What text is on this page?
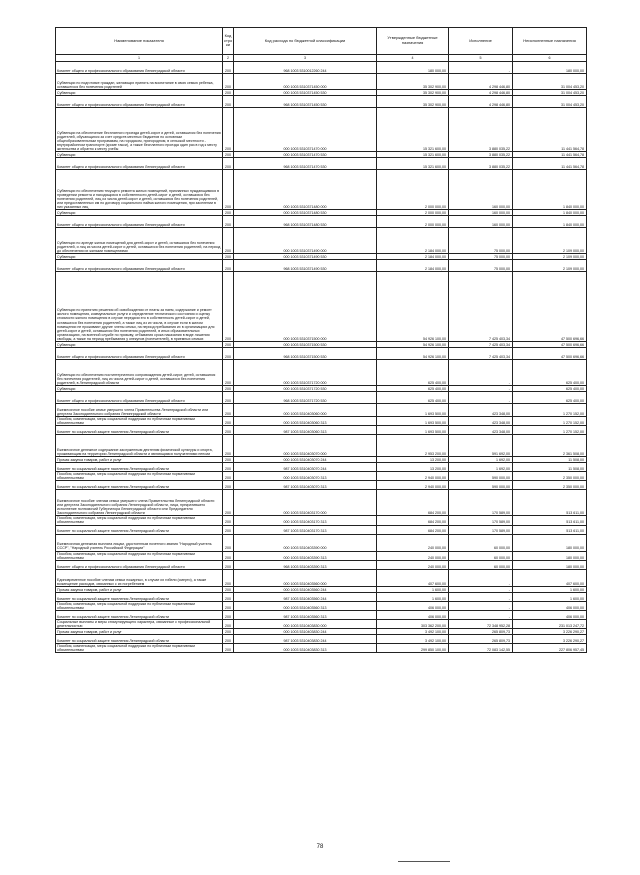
Наименование показателя	Код стро ки	Код расхода по бюджетной классификации	Утвержденные бюджетные назначения	Исполнение	Неисполненные назначения
1	2	3	4	5	6
Комитет общего и профессионального образования Ленинградской области	200	968 1003 5310012260 244	180 000,00	-	180 000,00
Субвенции по подготовке граждан, желающих принять на воспитание в свою семью ребенка, оставшегося без попечения родителей	200	000 1003 5310371450 000	35 302 900,00	4 298 446,80	31 004 453,20
Субвенции	200	000 1003 5310371450 530	35 302 900,00	4 298 446,80	31 004 453,20
Комитет общего и профессионального образования Ленинградской области	200	968 1003 5310371450 530	35 302 900,00	4 298 446,80	31 004 453,20
Субвенции на обеспечение бесплатного проезда детей-сирот и детей, оставшихся без попечения родителей, обучающихся за счет средств местных бюджетов по основным общеобразовательным программам, на городском, пригородном, в сельской местности - внутрирайонном транспорте (кроме такси), а также бесплатного проезда один раз в год к месту жительства и обратно к месту учебы	200	000 1003 5310371470 000	15 321 600,00	3 880 035,22	11 441 564,78
Субвенции	200	000 1003 5310371470 530	15 321 600,00	3 880 035,22	11 441 564,78
Комитет общего и профессионального образования Ленинградской области	200	968 1003 5310371470 530	15 321 600,00	3 880 035,22	11 441 564,78
Субвенции по обеспечению текущего ремонта жилых помещений, признанных нуждающимися в проведении ремонта и находящихся в собственности детей-сирот и детей, оставшихся без попечения родителей, лиц из числа детей-сирот и детей, оставшихся без попечения родителей, или предоставленных им по договору социального найма жилого помещения, при заселении в них указанных лиц	200	000 1003 5310371480 000	2 000 000,00	160 000,00	1 840 000,00
Субвенции	200	000 1003 5310371480 530	2 000 000,00	160 000,00	1 840 000,00
Комитет общего и профессионального образования Ленинградской области	200	968 1003 5310371480 530	2 000 000,00	160 000,00	1 840 000,00
Субвенции по аренде жилых помещений для детей-сирот и детей, оставшихся без попечения родителей, и лиц из числа детей-сирот и детей, оставшихся без попечения родителей, на период до обеспечения их жилыми помещениями	200	000 1003 5310371490 000	2 184 000,00	75 000,00	2 109 000,00
Субвенции	200	000 1003 5310371490 530	2 184 000,00	75 000,00	2 109 000,00
Комитет общего и профессионального образования Ленинградской области	200	968 1003 5310371490 530	2 184 000,00	75 000,00	2 109 000,00
Субвенции по принятию решения об освобождении от платы за наем, содержание и ремонт жилого помещения, коммунальные услуги и определение технического состояния и оценку стоимости жилого помещения в случае передачи его в собственность детей-сирот и детей, оставшихся без попечения родителей, а также лиц из их числа, в случае если в жилом помещении не проживают другие члены семьи, на период пребывания их в организациях для детей-сирот и детей, оставшихся без попечения родителей, в иных образовательных организациях, на военной службе по призыву, отбывания срока наказания в виде лишения свободы, а также на период пребывания у опекунов (попечителей), в приемных семьях	200	000 1003 5310371500 000	54 926 100,00	7 425 403,34	47 500 696,66
Субвенции	200	000 1003 5310371500 530	54 926 100,00	7 425 403,34	47 500 696,66
Комитет общего и профессионального образования Ленинградской области	200	968 1003 5310371500 530	54 926 100,00	7 425 403,34	47 500 696,66
Субвенции по обеспечению постинтернатного сопровождения детей-сирот, детей, оставшихся без попечения родителей, лиц из числа детей-сирот и детей, оставшихся без попечения родителей, в Ленинградской области	200	000 1003 5310371720 000	625 400,00	-	625 400,00
Субвенции	200	000 1003 5310371720 530	625 400,00	-	625 400,00
Комитет общего и профессионального образования Ленинградской области	200	968 1003 5310371720 530	625 400,00	-	625 400,00
Ежемесячное пособие семье умершего члена Правительства Ленинградской области или депутата Законодательного собрания Ленинградской области	200	000 1003 5310403060 000	1 693 500,00	423 348,00	1 270 152,00
Пособия, компенсации, меры социальной поддержки по публичным нормативным обязательствам	200	000 1003 5310403060 313	1 693 500,00	423 348,00	1 270 152,00
Комитет по социальной защите населения Ленинградской области	200	987 1003 5310403060 313	1 693 500,00	423 348,00	1 270 152,00
Ежемесячное денежное содержание заслуженным деятелям физической культуры и спорта, проживающим на территории Ленинградской области и являющимся получателями пенсии	200	000 1003 5310403070 000	2 953 200,00	591 692,00	2 361 508,00
Прочая закупка товаров, работ и услуг	200	000 1003 5310403070 244	13 200,00	1 692,00	11 508,00
Комитет по социальной защите населения Ленинградской области	200	987 1003 5310403070 244	13 200,00	1 692,00	11 508,00
Пособия, компенсации, меры социальной поддержки по публичным нормативным обязательствам	200	000 1003 5310403070 313	2 940 000,00	590 000,00	2 350 000,00
Комитет по социальной защите населения Ленинградской области	200	987 1003 5310403070 313	2 940 000,00	590 000,00	2 350 000,00
Ежемесячное пособие членам семьи умершего члена Правительства Ленинградской области или депутата Законодательного собрания Ленинградской области, лица, прекратившего исполнение полномочий Губернатора Ленинградской области или Председателя Законодательного собрания Ленинградской области	200	000 1003 5310403170 000	684 200,00	170 589,00	513 611,00
Пособия, компенсации, меры социальной поддержки по публичным нормативным обязательствам	200	000 1003 5310403170 313	684 200,00	170 589,00	513 611,00
Комитет по социальной защите населения Ленинградской области	200	987 1003 5310403170 313	684 200,00	170 589,00	513 611,00
Ежемесячная денежная выплата лицам, удостоенным почетного звания "Народный учитель СССР", "Народный учитель Российской Федерации"	200	000 1003 5310403390 000	240 000,00	60 000,00	180 000,00
Пособия, компенсации, меры социальной поддержки по публичным нормативным обязательствам	200	000 1003 5310403390 313	240 000,00	60 000,00	180 000,00
Комитет общего и профессионального образования Ленинградской области	200	968 1003 5310403390 313	240 000,00	60 000,00	180 000,00
Единовременное пособие членам семьи пожарных, в случае их гибели (смерти), а также возмещение расходов, связанных с их погребением	200	000 1003 5310403560 000	407 600,00	-	407 600,00
Прочая закупка товаров, работ и услуг	200	000 1003 5310403560 244	1 600,00	-	1 600,00
Комитет по социальной защите населения Ленинградской области	200	987 1003 5310403560 244	1 600,00	-	1 600,00
Пособия, компенсации, меры социальной поддержки по публичным нормативным обязательствам	200	000 1003 5310403560 313	406 000,00	-	406 000,00
Комитет по социальной защите населения Ленинградской области	200	987 1003 5310403560 313	406 000,00	-	406 000,00
Социальные выплаты и меры стимулирующего характера, связанные с профессиональной деятельностью	200	000 1003 5310403830 000	303 362 200,00	72 348 952,28	231 013 247,72
Прочая закупка товаров, работ и услуг	200	000 1003 5310403830 244	3 492 100,00	265 809,73	3 226 290,27
Комитет по социальной защите населения Ленинградской области	200	987 1003 5310403830 244	3 492 100,00	265 809,73	3 226 290,27
Пособия, компенсации, меры социальной поддержки по публичным нормативным обязательствам	200	000 1003 5310403830 313	299 850 100,00	72 083 142,55	227 806 957,45
78
